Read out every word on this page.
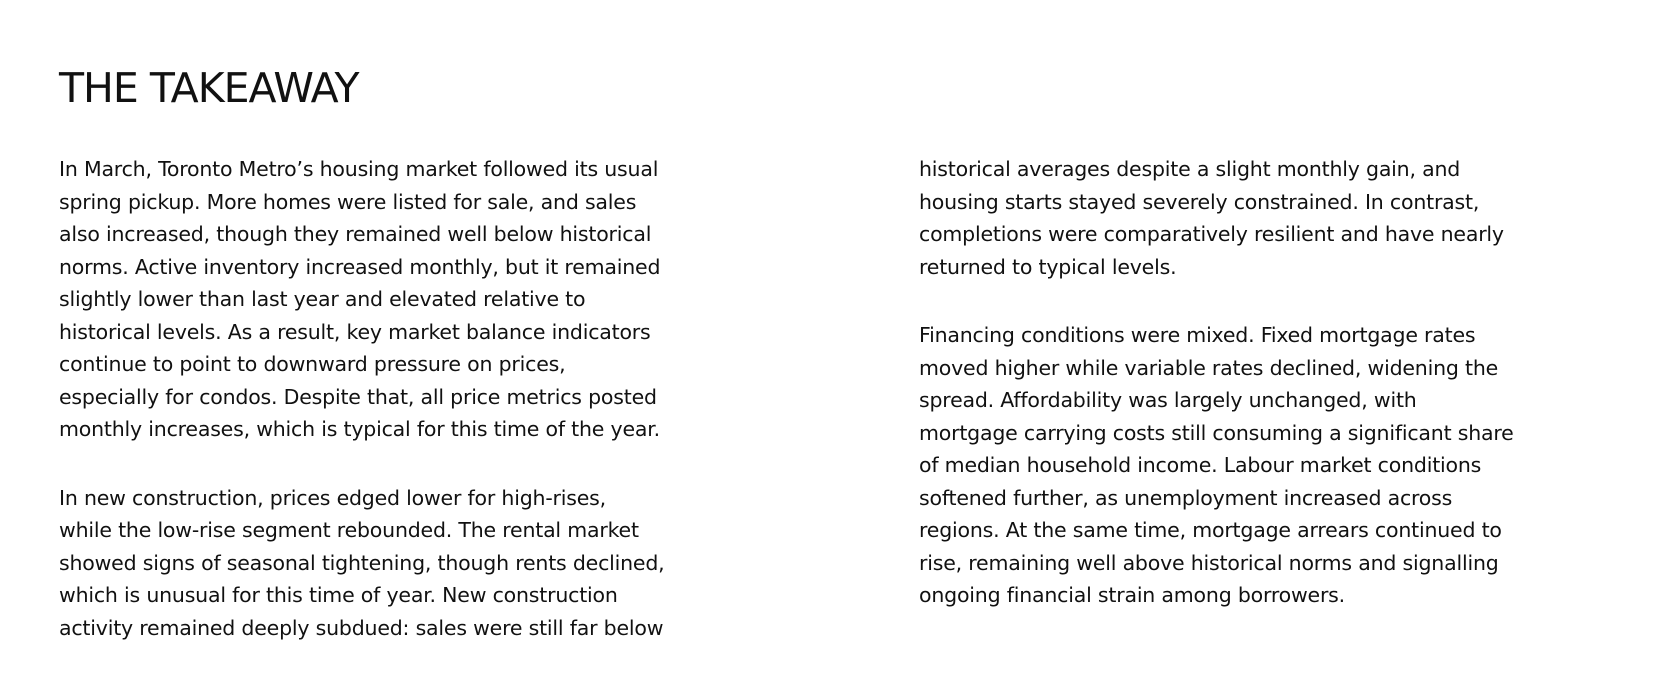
THE TAKEAWAY

In March, Toronto Metro’s housing market followed its usual
spring pickup. More homes were listed for sale, and sales
also increased, though they remained well below historical
norms. Active inventory increased monthly, but it remained
slightly lower than last year and elevated relative to
historical levels. As a result, key market balance indicators
continue to point to downward pressure on prices,
especially for condos. Despite that, all price metrics posted
monthly increases, which is typical for this time of the year.

In new construction, prices edged lower for high-rises,
while the low-rise segment rebounded. The rental market
showed signs of seasonal tightening, though rents declined,
which is unusual for this time of year. New construction
activity remained deeply subdued: sales were still far below

historical averages despite a slight monthly gain, and
housing starts stayed severely constrained. In contrast,
completions were comparatively resilient and have nearly
returned to typical levels.

Financing conditions were mixed. Fixed mortgage rates
moved higher while variable rates declined, widening the
spread. Affordability was largely unchanged, with
mortgage carrying costs still consuming a significant share
of median household income. Labour market conditions
softened further, as unemployment increased across
regions. At the same time, mortgage arrears continued to
rise, remaining well above historical norms and signalling
ongoing financial strain among borrowers.
